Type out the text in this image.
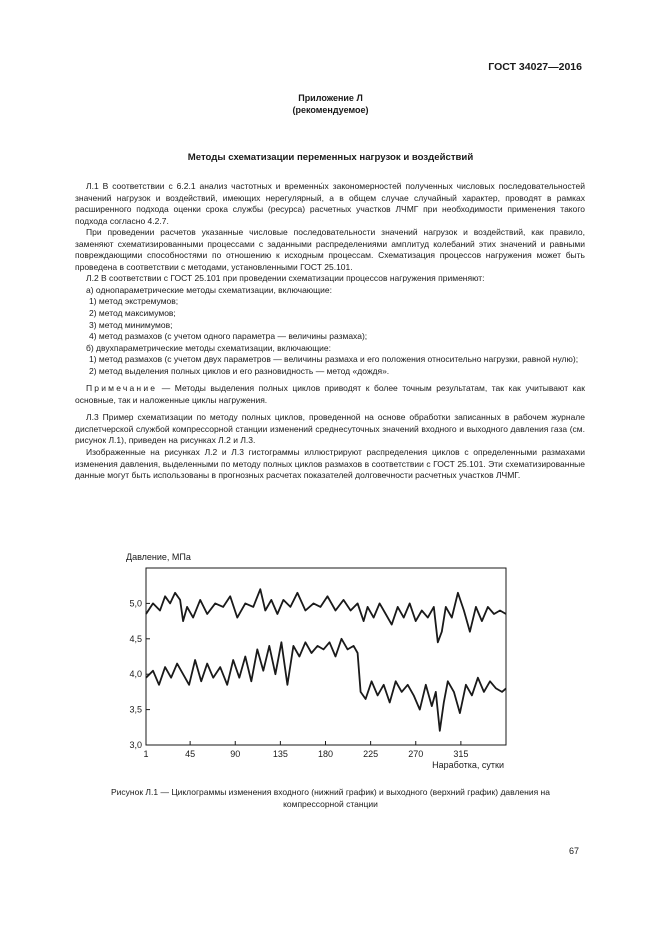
ГОСТ 34027—2016
Приложение Л
(рекомендуемое)
Методы схематизации переменных нагрузок и воздействий

Л.1 В соответствии с 6.2.1 анализ частотных и временны́х закономерностей полученных числовых последовательностей значений нагрузок и воздействий, имеющих нерегулярный, а в общем случае случайный характер, проводят в рамках расширенного подхода оценки срока службы (ресурса) расчетных участков ЛЧМГ при необходимости применения такого подхода согласно 4.2.7.

При проведении расчетов указанные числовые последовательности значений нагрузок и воздействий, как правило, заменяют схематизированными процессами с заданными распределениями амплитуд колебаний этих значений и равными повреждающими способностями по отношению к исходным процессам. Схематизация процессов нагружения может быть проведена в соответствии с методами, установленными ГОСТ 25.101.

Л.2 В соответствии с ГОСТ 25.101 при проведении схематизации процессов нагружения применяют:

а) однопараметрические методы схематизации, включающие:

1) метод экстремумов;

2) метод максимумов;

3) метод минимумов;

4) метод размахов (с учетом одного параметра — величины размаха);

б) двухпараметрические методы схематизации, включающие:

1) метод размахов (с учетом двух параметров — величины размаха и его положения относительно нагрузки, равной нулю);

2) метод выделения полных циклов и его разновидность — метод «дождя».

Примечание — Методы выделения полных циклов приводят к более точным результатам, так как учитывают как основные, так и наложенные циклы нагружения.

Л.3 Пример схематизации по методу полных циклов, проведенной на основе обработки записанных в рабочем журнале диспетчерской службой компрессорной станции изменений среднесуточных значений входного и выходного давления газа (см. рисунок Л.1), приведен на рисунках Л.2 и Л.3.

Изображенные на рисунках Л.2 и Л.3 гистограммы иллюстрируют распределения циклов с определенными размахами изменения давления, выделенными по методу полных циклов размахов в соответствии с ГОСТ 25.101. Эти схематизированные данные могут быть использованы в прогнозных расчетах показателей долговечности расчетных участков ЛЧМГ.

Давление, МПа
3,0
3,5
4,0
4,5
5,0
1	45	90	135	180	225	270	315
Наработка, сутки
Рисунок Л.1 — Циклограммы изменения входного (нижний график) и выходного (верхний график) давления на компрессорной станции
67
